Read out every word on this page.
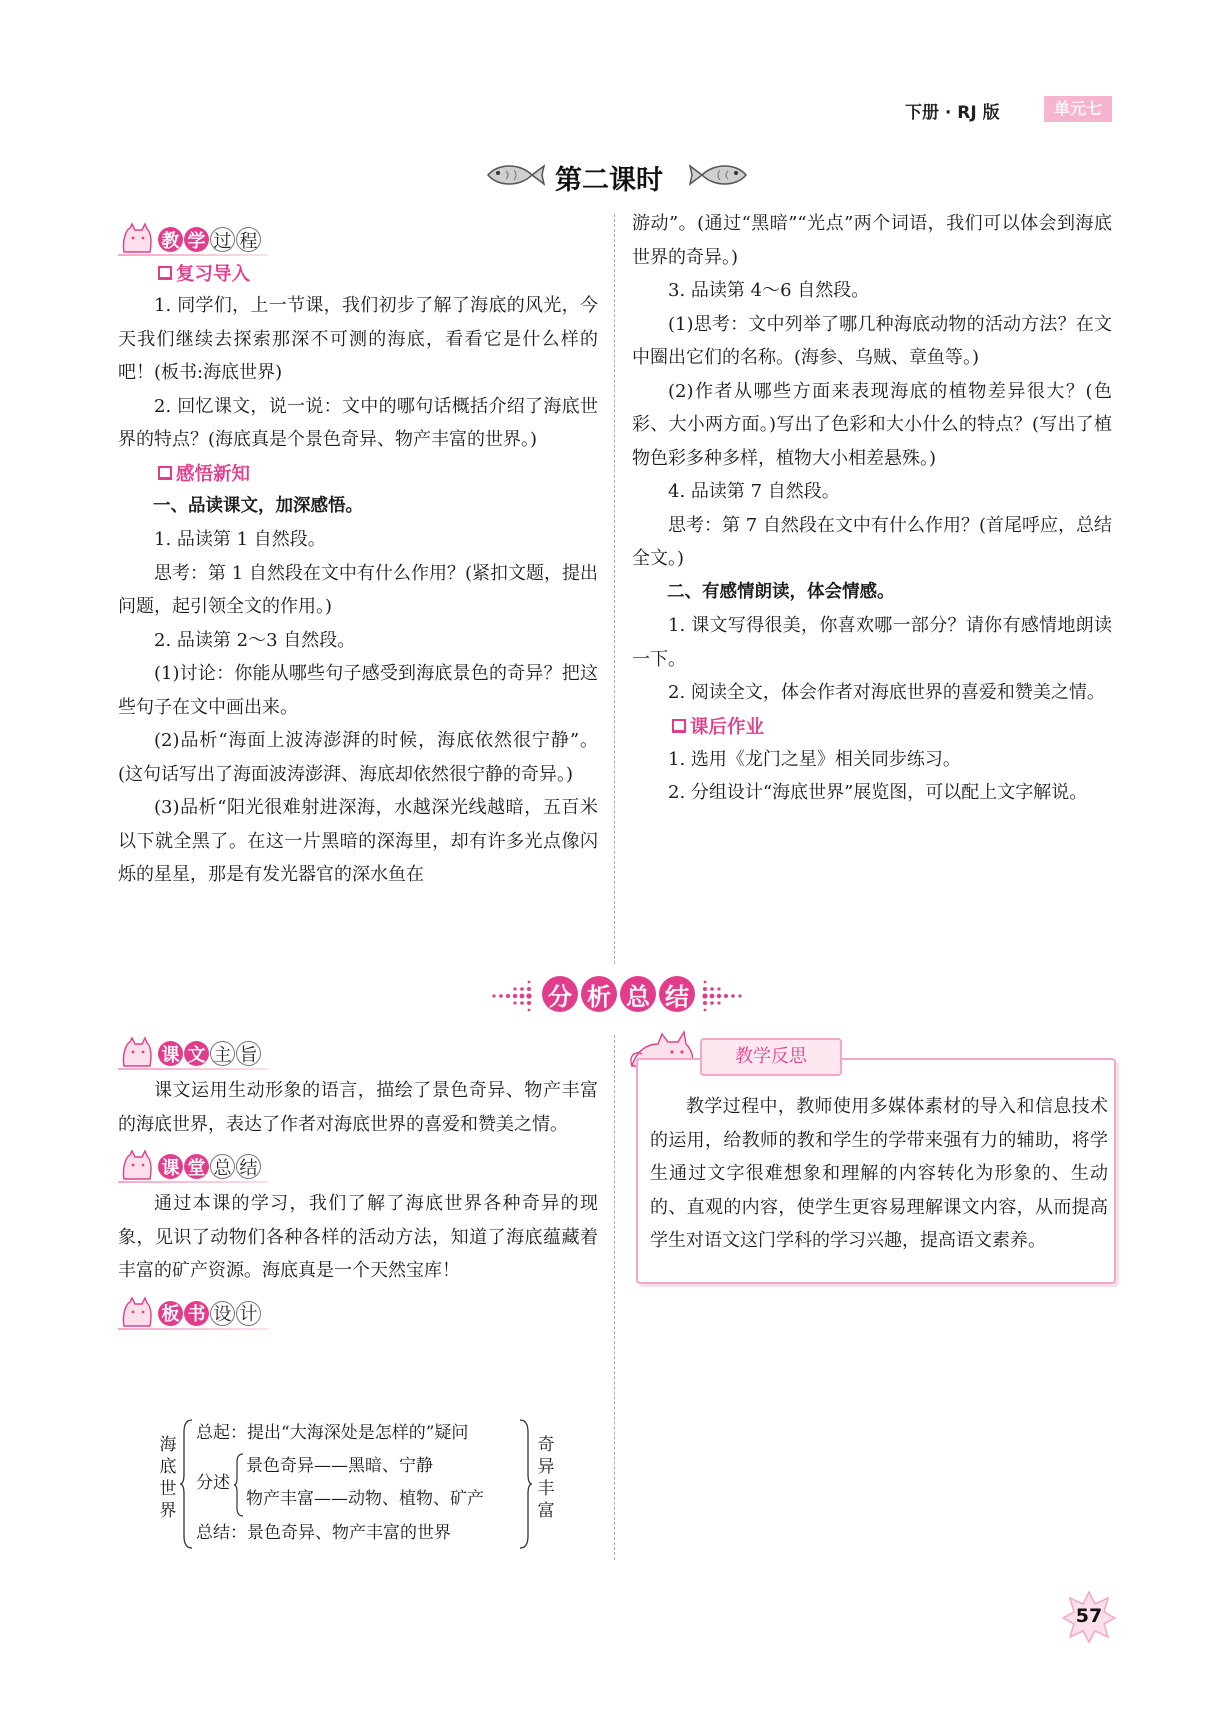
下册 · RJ 版	单元七
第二课时
教 学 过 程
复习导入

1. 同学们，上一节课，我们初步了解了海底的风光，今天我们继续去探索那深不可测的海底，看看它是什么样的吧！(板书:海底世界)

2. 回忆课文，说一说：文中的哪句话概括介绍了海底世界的特点？(海底真是个景色奇异、物产丰富的世界。)

感悟新知

一、品读课文，加深感悟。

1. 品读第 1 自然段。

思考：第 1 自然段在文中有什么作用？(紧扣文题，提出问题，起引领全文的作用。)

2. 品读第 2～3 自然段。

(1)讨论：你能从哪些句子感受到海底景色的奇异？把这些句子在文中画出来。

(2)品析“海面上波涛澎湃的时候，海底依然很宁静”。(这句话写出了海面波涛澎湃、海底却依然很宁静的奇异。)

(3)品析“阳光很难射进深海，水越深光线越暗，五百米以下就全黑了。在这一片黑暗的深海里，却有许多光点像闪烁的星星，那是有发光器官的深水鱼在

游动”。(通过“黑暗”“光点”两个词语，我们可以体会到海底世界的奇异。)

3. 品读第 4～6 自然段。

(1)思考：文中列举了哪几种海底动物的活动方法？在文中圈出它们的名称。(海参、乌贼、章鱼等。)

(2)作者从哪些方面来表现海底的植物差异很大？(色彩、大小两方面。)写出了色彩和大小什么的特点？(写出了植物色彩多种多样，植物大小相差悬殊。)

4. 品读第 7 自然段。

思考：第 7 自然段在文中有什么作用？(首尾呼应，总结全文。)

二、有感情朗读，体会情感。

1. 课文写得很美，你喜欢哪一部分？请你有感情地朗读一下。

2. 阅读全文，体会作者对海底世界的喜爱和赞美之情。

课后作业

1. 选用《龙门之星》相关同步练习。

2. 分组设计“海底世界”展览图，可以配上文字解说。

分 析 总 结
课 文 主 旨

课文运用生动形象的语言，描绘了景色奇异、物产丰富的海底世界，表达了作者对海底世界的喜爱和赞美之情。

课 堂 总 结

通过本课的学习，我们了解了海底世界各种奇异的现象，见识了动物们各种各样的活动方法，知道了海底蕴藏着丰富的矿产资源。海底真是一个天然宝库！

板 书 设 计
海
底
世
界
总起：提出“大海深处是怎样的”疑问
分述
景色奇异——黑暗、宁静
物产丰富——动物、植物、矿产
总结：景色奇异、物产丰富的世界
奇
异
丰
富
教学反思

教学过程中，教师使用多媒体素材的导入和信息技术的运用，给教师的教和学生的学带来强有力的辅助，将学生通过文字很难想象和理解的内容转化为形象的、生动的、直观的内容，使学生更容易理解课文内容，从而提高学生对语文这门学科的学习兴趣，提高语文素养。

57
